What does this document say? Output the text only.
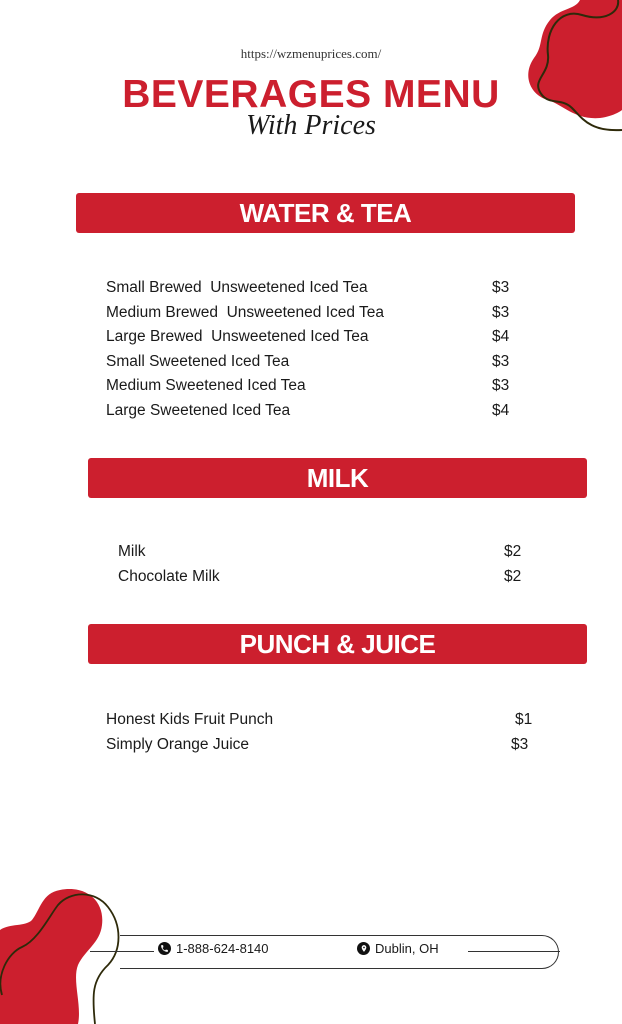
https://wzmenuprices.com/
BEVERAGES MENU
With Prices
WATER & TEA
Small Brewed  Unsweetened Iced Tea	$3
Medium Brewed  Unsweetened Iced Tea	$3
Large Brewed  Unsweetened Iced Tea	$4
Small Sweetened Iced Tea	$3
Medium Sweetened Iced Tea	$3
Large Sweetened Iced Tea	$4
MILK
Milk	$2
Chocolate Milk	$2
PUNCH & JUICE
Honest Kids Fruit Punch	$1
Simply Orange Juice	$3
1-888-624-8140	Dublin, OH
